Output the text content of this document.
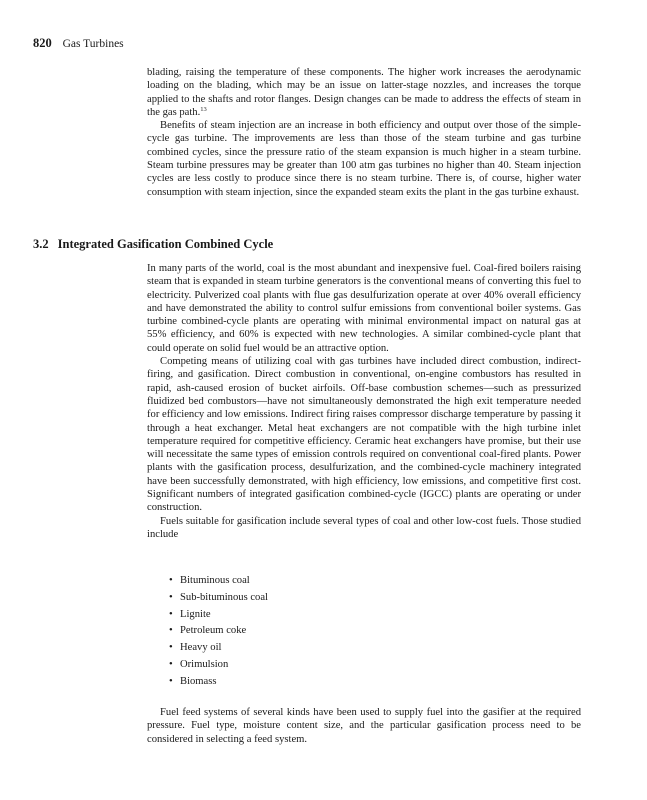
820 Gas Turbines

blading, raising the temperature of these components. The higher work increases the aerodynamic loading on the blading, which may be an issue on latter-stage nozzles, and increases the torque applied to the shafts and rotor flanges. Design changes can be made to address the effects of steam in the gas path.$^{13}$

Benefits of steam injection are an increase in both efficiency and output over those of the simple-cycle gas turbine. The improvements are less than those of the steam turbine and gas turbine combined cycles, since the pressure ratio of the steam expansion is much higher in a steam turbine. Steam turbine pressures may be greater than 100 atm gas turbines no higher than 40. Steam injection cycles are less costly to produce since there is no steam turbine. There is, of course, higher water consumption with steam injection, since the expanded steam exits the plant in the gas turbine exhaust.

3.2 Integrated Gasification Combined Cycle

In many parts of the world, coal is the most abundant and inexpensive fuel. Coal-fired boilers raising steam that is expanded in steam turbine generators is the conventional means of converting this fuel to electricity. Pulverized coal plants with flue gas desulfurization operate at over 40% overall efficiency and have demonstrated the ability to control sulfur emissions from conventional boiler systems. Gas turbine combined-cycle plants are operating with minimal environmental impact on natural gas at 55% efficiency, and 60% is expected with new technologies. A similar combined-cycle plant that could operate on solid fuel would be an attractive option.

Competing means of utilizing coal with gas turbines have included direct combustion, indirect-firing, and gasification. Direct combustion in conventional, on-engine combustors has resulted in rapid, ash-caused erosion of bucket airfoils. Off-base combustion schemes—such as pressurized fluidized bed combustors—have not simultaneously demonstrated the high exit temperature needed for efficiency and low emissions. Indirect firing raises compressor discharge temperature by passing it through a heat exchanger. Metal heat exchangers are not compatible with the high turbine inlet temperature required for competitive efficiency. Ceramic heat exchangers have promise, but their use will necessitate the same types of emission controls required on conventional coal-fired plants. Power plants with the gasification process, desulfurization, and the combined-cycle machinery integrated have been successfully demonstrated, with high efficiency, low emissions, and competitive first cost. Significant numbers of integrated gasification combined-cycle (IGCC) plants are operating or under construction.

Fuels suitable for gasification include several types of coal and other low-cost fuels. Those studied include

• Bituminous coal
• Sub-bituminous coal
• Lignite
• Petroleum coke
• Heavy oil
• Orimulsion
• Biomass

Fuel feed systems of several kinds have been used to supply fuel into the gasifier at the required pressure. Fuel type, moisture content size, and the particular gasification process need to be considered in selecting a feed system.
